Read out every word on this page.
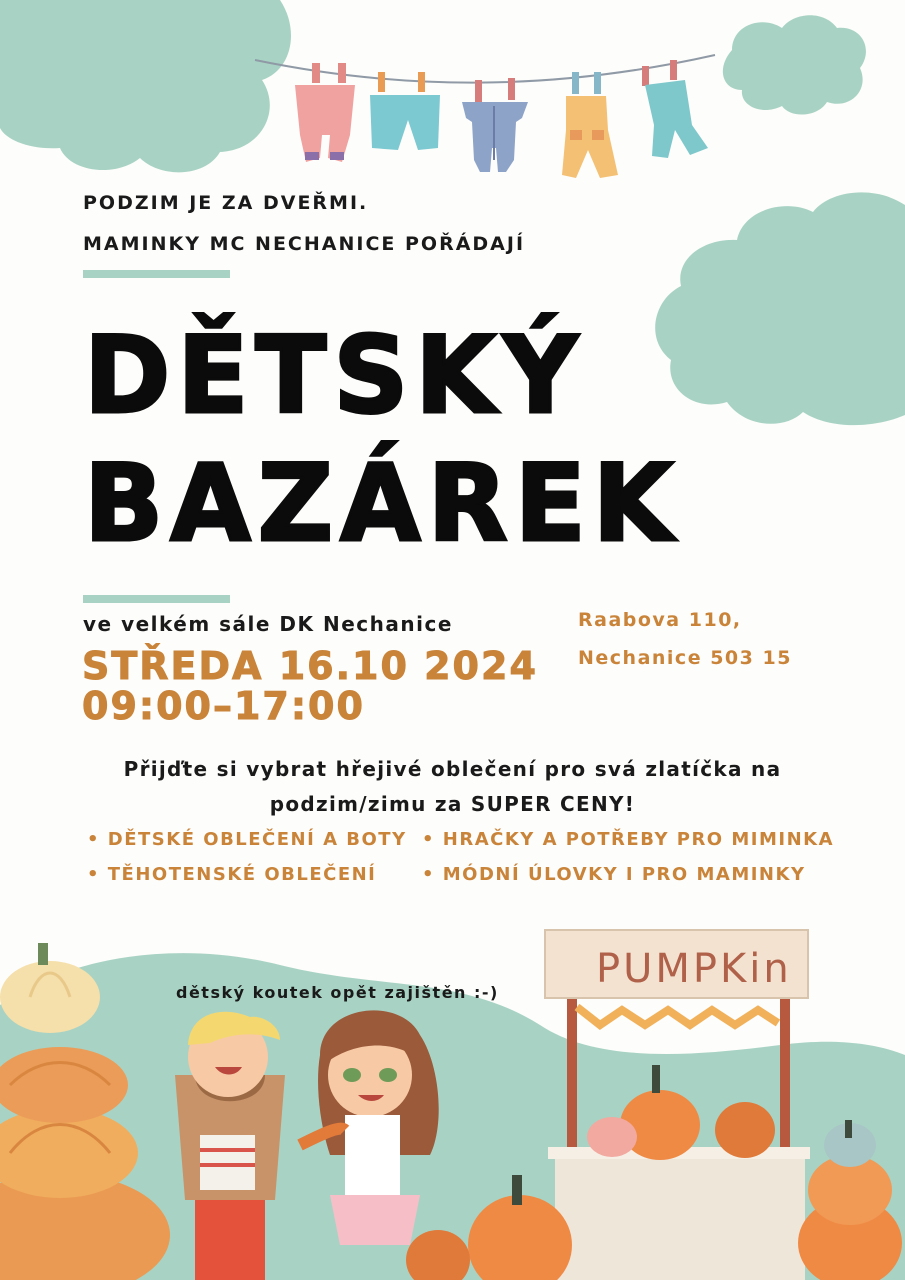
PODZIM JE ZA DVEŘMI.
MAMINKY MC NECHANICE POŘÁDAJÍ
DĚTSKÝ
BAZÁREK
ve velkém sále DK Nechanice
STŘEDA 16.10 2024
09:00–17:00
Raabova 110,
Nechanice 503 15
Přijďte si vybrat hřejivé oblečení pro svá zlatíčka na
podzim/zimu za SUPER CENY!
• DĚTSKÉ OBLEČENÍ A BOTY • HRAČKY A POTŘEBY PRO MIMINKA
• TĚHOTENSKÉ OBLEČENÍ	• MÓDNÍ ÚLOVKY I PRO MAMINKY
PUMPKin
dětský koutek opět zajištěn :-)
